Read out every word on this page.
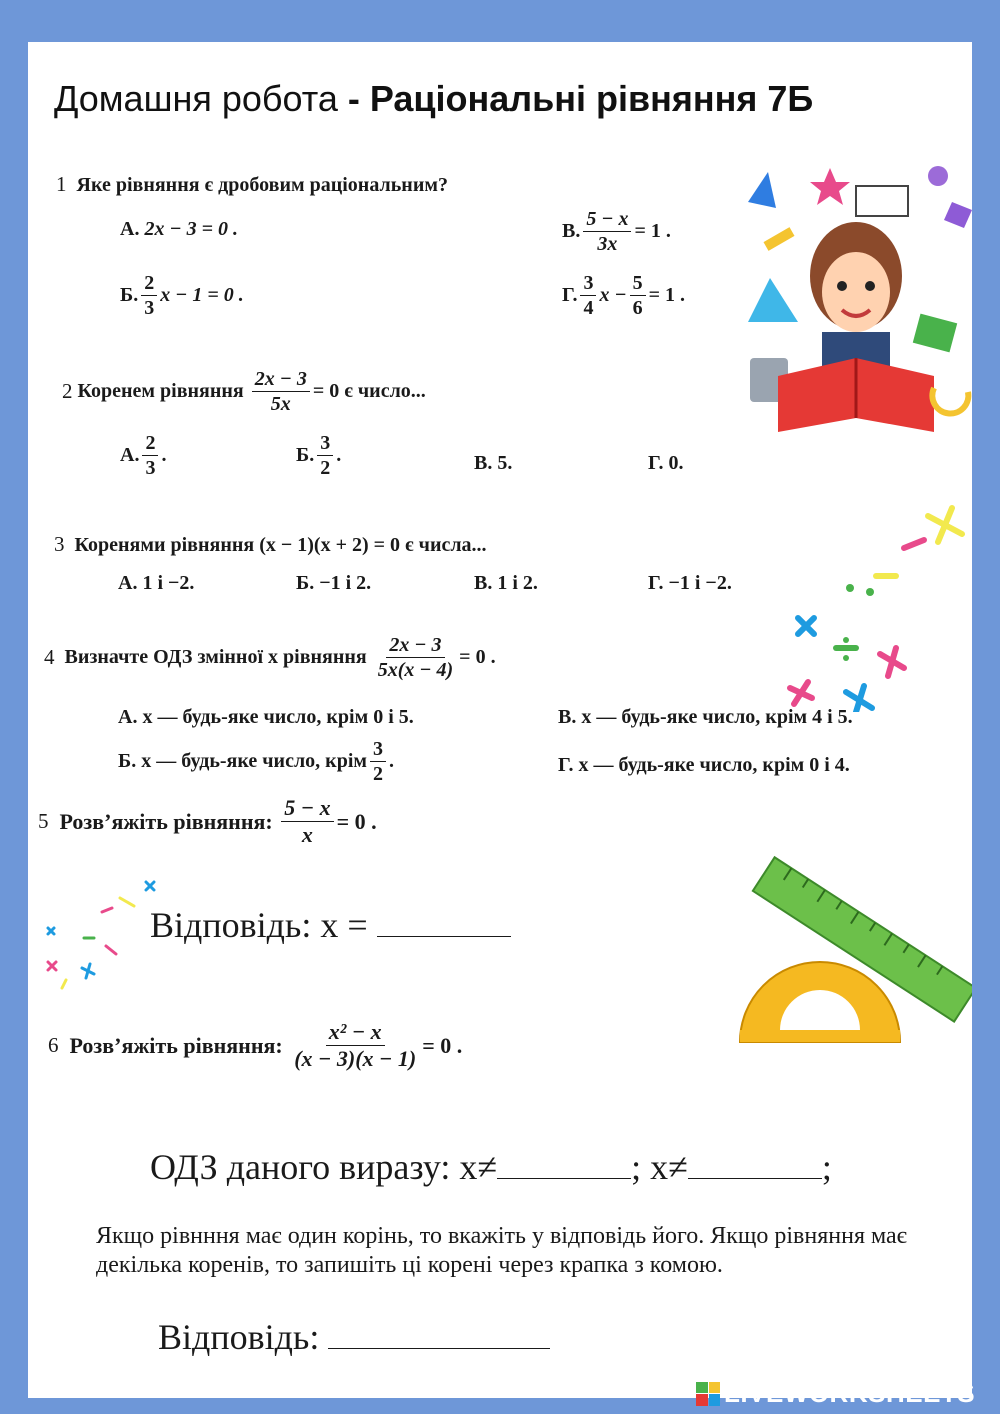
Домашня робота - Раціональні рівняння 7Б
1 Яке рівняння є дробовим раціональним?
А.
2x − 3 = 0 .
Б. $\frac{2}{3}$ x − 1 = 0 .
В. $\frac{5 - x}{3x} = 1$ .
Г. $\frac{3}{4}$ $x - \frac{5}{6} = 1$ .
2
Коренем рівняння
$\frac{2x - 3}{5x} = 0$ є число...
А. $\frac{2}{3}$ .	Б. $\frac{3}{2}$ .	В.
5.	Г.
0.
3 Коренями рівняння (x − 1)(x + 2) = 0 є числа...
А. 1 і −2.	Б. −1 і 2.	В. 1 і 2.	Г. −1 і −2.
4
Визначте ОДЗ змінної x рівняння
$\frac{2x - 3}{5x(x - 4)} = 0$ .
А. x — будь-яке число, крім 0 і 5.	В. x — будь-яке число, крім 4 і 5.
Б. x — будь-яке число, крім $\frac{3}{2}$ .	Г. x — будь-яке число, крім 0 і 4.
5
Розв’яжіть рівняння:
$\frac{5 - x}{x} = 0$ .
Відповідь: x =
6
Розв’яжіть рівняння:
$\frac{\text{x² − x}}{(x - 3)(x - 1)} = 0$ .
ОДЗ даного виразу: x≠	; x≠	;
Якщо рівнння має один корінь, то вкажіть у відповідь його. Якщо рівняння має декілька коренів, то запишіть ці корені через крапка з комою.
Відповідь:
LIVEWORKSHEETS
